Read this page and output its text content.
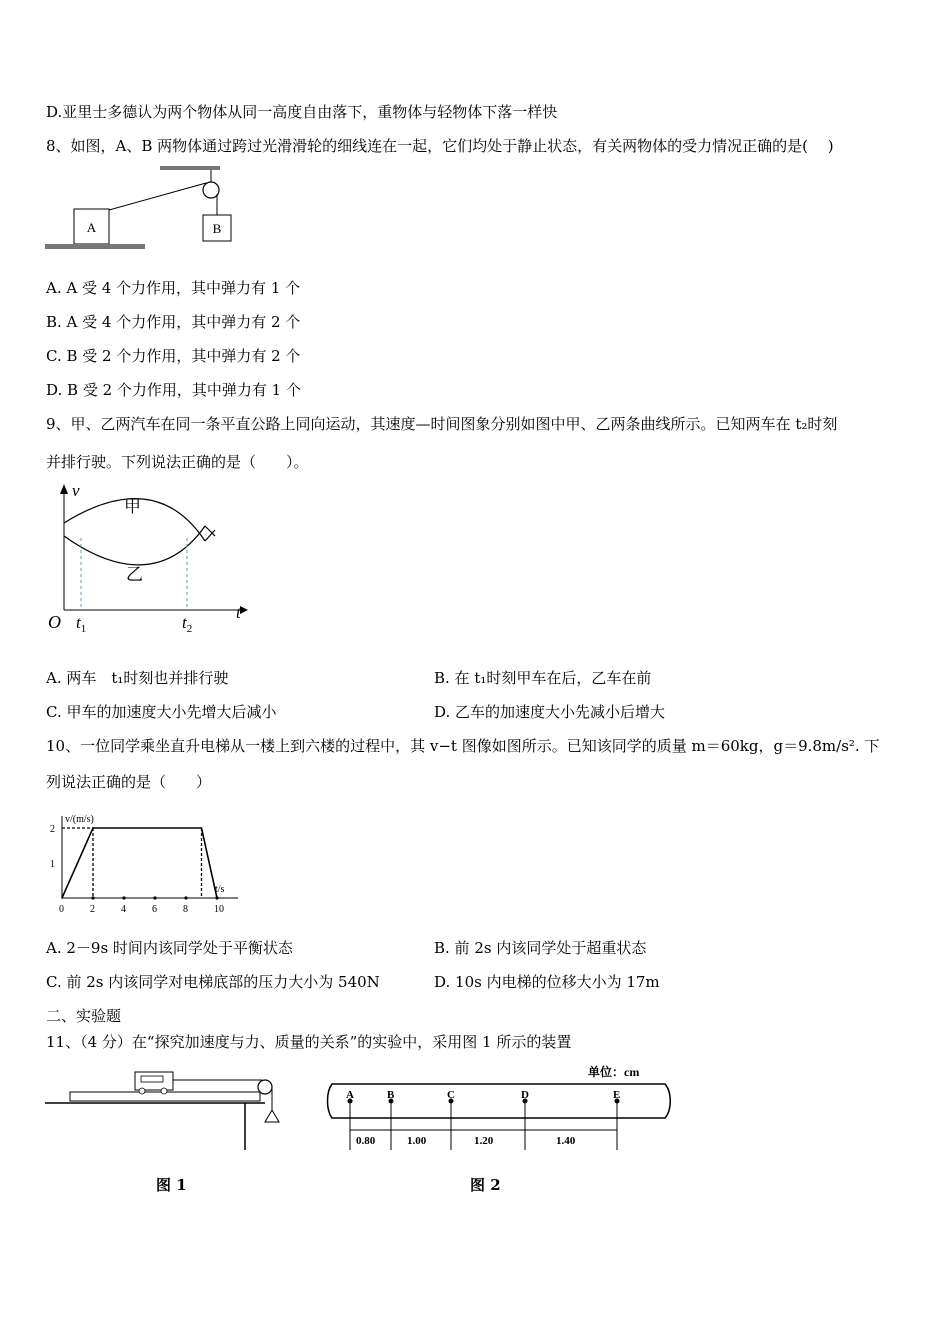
D.亚里士多德认为两个物体从同一高度自由落下，重物体与轻物体下落一样快
8、如图，A、B 两物体通过跨过光滑滑轮的细线连在一起，它们均处于静止状态，有关两物体的受力情况正确的是(　 )
A	B
A. A 受 4 个力作用，其中弹力有 1 个
B. A 受 4 个力作用，其中弹力有 2 个
C. B 受 2 个力作用，其中弹力有 2 个
D. B 受 2 个力作用，其中弹力有 1 个
9、甲、乙两汽车在同一条平直公路上同向运动，其速度—时间图象分别如图中甲、乙两条曲线所示。已知两车在 t₂时刻
并排行驶。下列说法正确的是（　　）。
v
t
O
甲
乙
$t_1$	$t_2$
A. 两车　t₁时刻也并排行驶	B. 在 t₁时刻甲车在后，乙车在前
C. 甲车的加速度大小先增大后减小	D. 乙车的加速度大小先减小后增大
10、一位同学乘坐直升电梯从一楼上到六楼的过程中，其 v−t 图像如图所示。已知该同学的质量 m＝60kg，g＝9.8m/s². 下
列说法正确的是（　　）
v/(m/s)
t/s
0	2	4	6	8	10
1
2
A. 2－9s 时间内该同学处于平衡状态	B. 前 2s 内该同学处于超重状态
C. 前 2s 内该同学对电梯底部的压力大小为 540N	D. 10s 内电梯的位移大小为 17m
二、实验题
11、（4 分）在“探究加速度与力、质量的关系”的实验中，采用图 1 所示的装置
单位：cm
A	B	C	D	E
0.80	1.00	1.20	1.40
图 1	图 2
